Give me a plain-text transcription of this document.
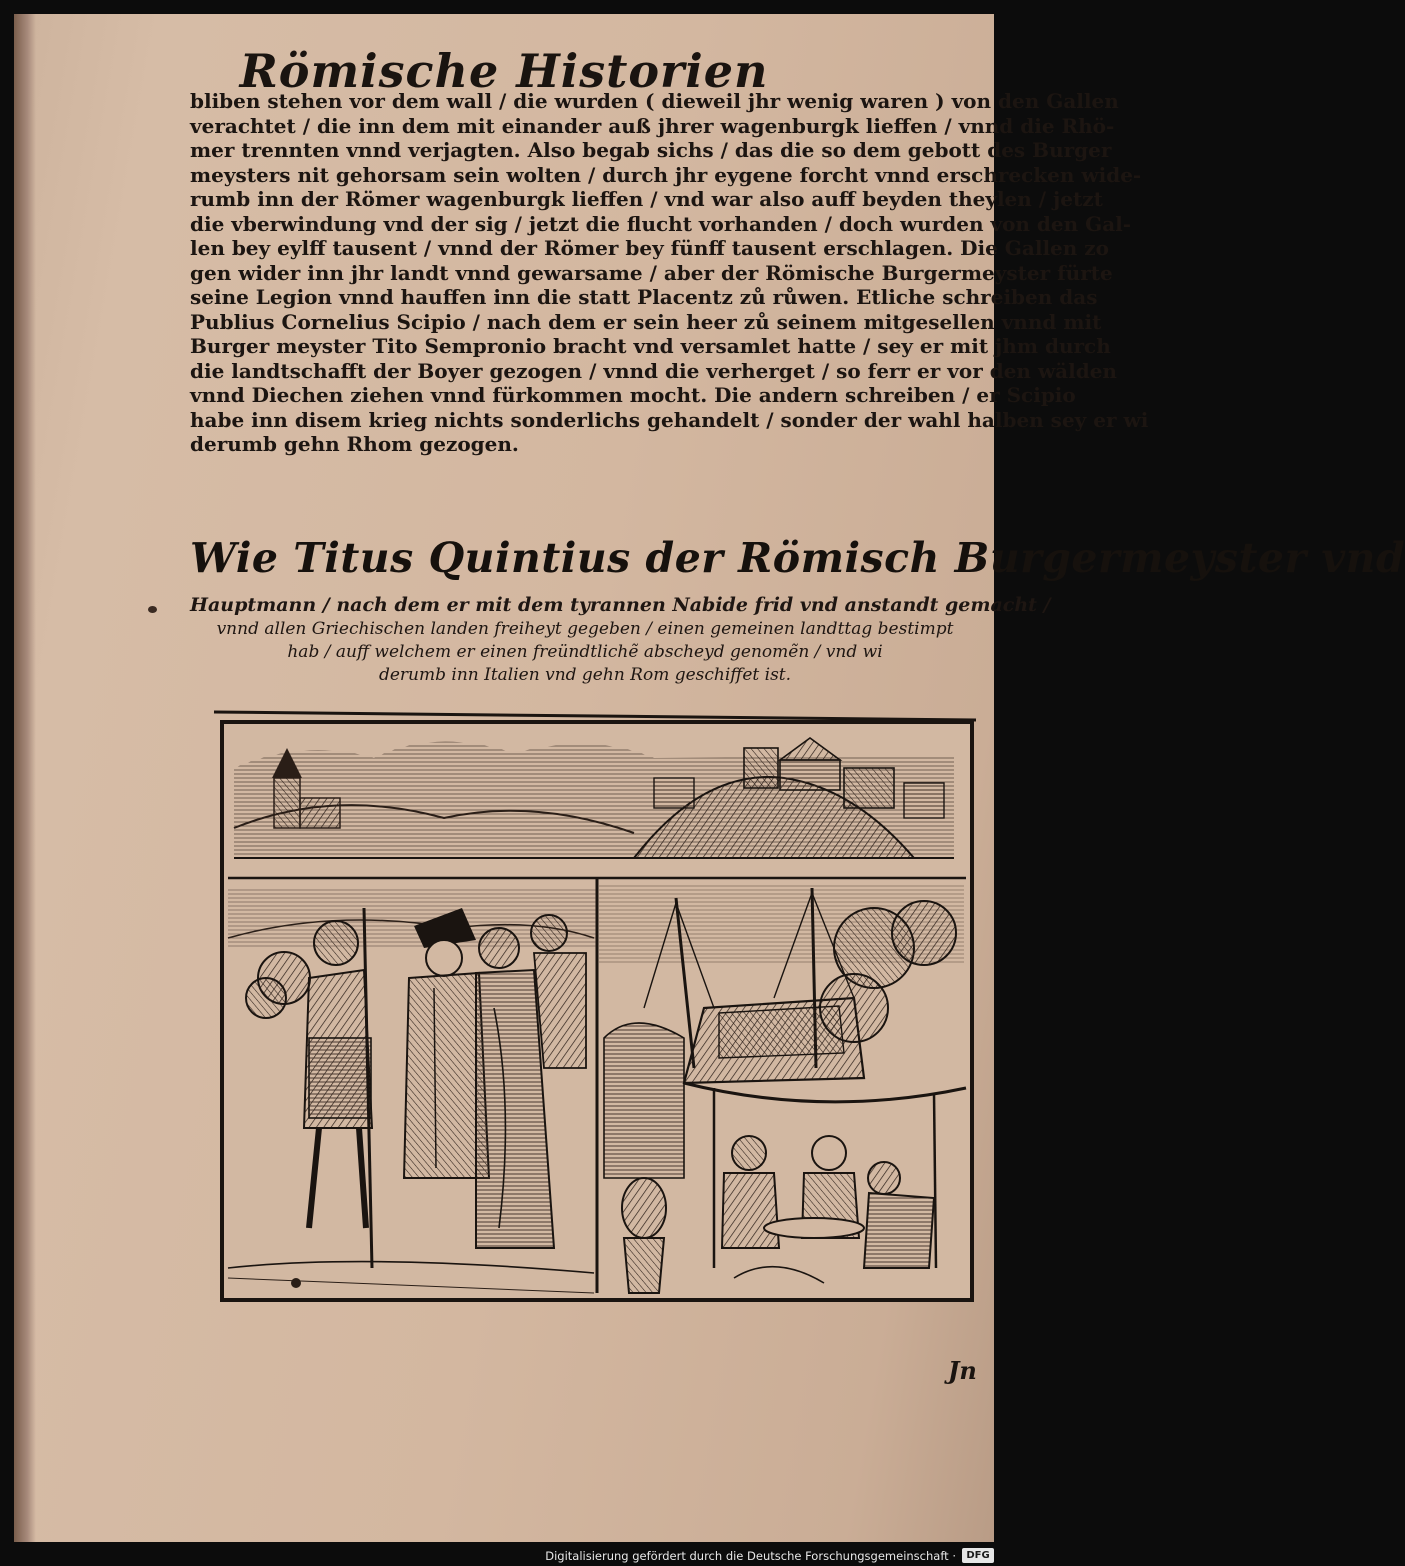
Römische Historien
bliben stehen vor dem wall / die wurden ( dieweil jhr wenig waren ) von den Gallen
verachtet / die inn dem mit einander auß jhrer wagenburgk lieffen / vnnd die Rhö-
mer trennten vnnd verjagten. Also begab sichs / das die so dem gebott des Burger
meysters nit gehorsam sein wolten / durch jhr eygene forcht vnnd erschrecken wide-
rumb inn der Römer wagenburgk lieffen / vnd war also auff beyden theylen / jetzt
die vberwindung vnd der sig / jetzt die flucht vorhanden / doch wurden von den Gal-
len bey eylff tausent / vnnd der Römer bey fünff tausent erschlagen. Die Gallen zo
gen wider inn jhr landt vnnd gewarsame / aber der Römische Burgermeyster fürte
seine Legion vnnd hauffen inn die statt Placentz zů růwen. Etliche schreiben das
Publius Cornelius Scipio / nach dem er sein heer zů seinem mitgesellen vnnd mit
Burger meyster Tito Sempronio bracht vnd versamlet hatte / sey er mit jhm durch
die landtschafft der Boyer gezogen / vnnd die verherget / so ferr er vor den wälden
vnnd Diechen ziehen vnnd fürkommen mocht. Die andern schreiben / er Scipio
habe inn disem krieg nichts sonderlichs gehandelt / sonder der wahl halben sey er wi
derumb gehn Rhom gezogen.
Wie Titus Quintius der Römisch Burgermeyster vnd
Hauptmann / nach dem er mit dem tyrannen Nabide frid vnd anstandt gemacht /
vnnd allen Griechischen landen freiheyt gegeben / einen gemeinen landttag bestimpt
hab / auff welchem er einen freündtlichẽ abscheyd genomẽn / vnd wi
derumb inn Italien vnd gehn Rom geschiffet ist.
Jn
Digitalisierung gefördert durch die Deutsche Forschungsgemeinschaft ·	DFG
